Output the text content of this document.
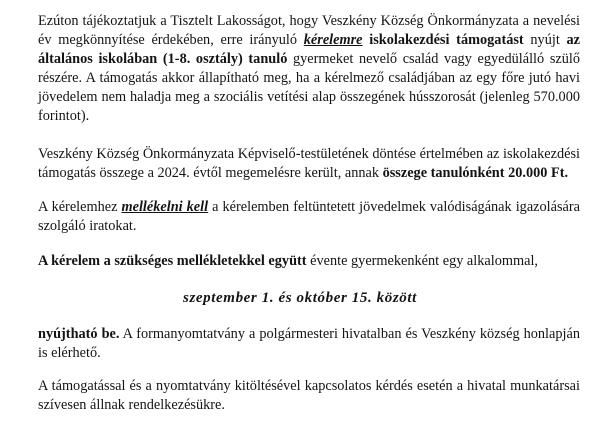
Ezúton tájékoztatjuk a Tisztelt Lakosságot, hogy Veszkény Község Önkormányzata a nevelési év megkönnyítése érdekében, erre irányuló kérelemre iskolakezdési támogatást nyújt az általános iskolában (1-8. osztály) tanuló gyermeket nevelő család vagy egyedülálló szülő részére. A támogatás akkor állapítható meg, ha a kérelmező családjában az egy főre jutó havi jövedelem nem haladja meg a szociális vetítési alap összegének hússzorosát (jelenleg 570.000 forintot).

Veszkény Község Önkormányzata Képviselő-testületének döntése értelmében az iskolakezdési támogatás összege a 2024. évtől megemelésre került, annak összege tanulónként 20.000 Ft.

A kérelemhez mellékelni kell a kérelemben feltüntetett jövedelmek valódiságának igazolására szolgáló iratokat.

A kérelem a szükséges mellékletekkel együtt évente gyermekenként egy alkalommal,

szeptember 1. és október 15. között

nyújtható be. A formanyomtatvány a polgármesteri hivatalban és Veszkény község honlapján is elérhető.

A támogatással és a nyomtatvány kitöltésével kapcsolatos kérdés esetén a hivatal munkatársai szívesen állnak rendelkezésükre.
